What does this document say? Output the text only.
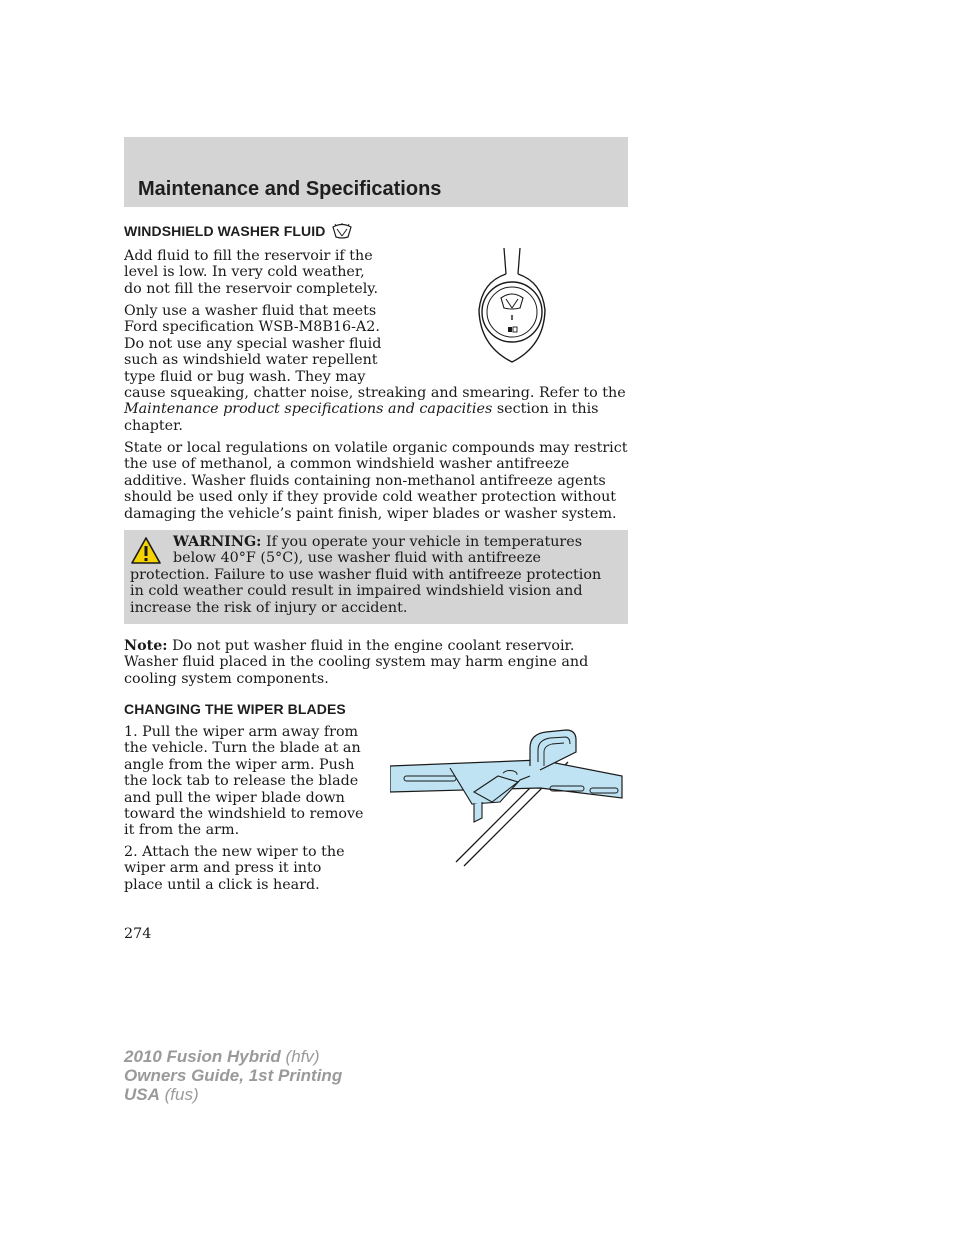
Maintenance and Specifications
WINDSHIELD WASHER FLUID

Add fluid to fill the reservoir if the level is low. In very cold weather, do not fill the reservoir completely.

Only use a washer fluid that meets
Ford specification WSB-M8B16-A2.
Do not use any special washer fluid
such as windshield water repellent
type fluid or bug wash. They may
cause squeaking, chatter noise, streaking and smearing. Refer to the
Maintenance product specifications and capacities section in this chapter.

State or local regulations on volatile organic compounds may restrict the use of methanol, a common windshield washer antifreeze additive. Washer fluids containing non-methanol antifreeze agents should be used only if they provide cold weather protection without damaging the vehicle’s paint finish, wiper blades or washer system.

WARNING: If you operate your vehicle in temperatures below 40°F (5°C), use washer fluid with antifreeze protection. Failure to use washer fluid with antifreeze protection in cold weather could result in impaired windshield vision and increase the risk of injury or accident.

Note: Do not put washer fluid in the engine coolant reservoir. Washer fluid placed in the cooling system may harm engine and cooling system components.

CHANGING THE WIPER BLADES

1. Pull the wiper arm away from the vehicle. Turn the blade at an angle from the wiper arm. Push the lock tab to release the blade and pull the wiper blade down toward the windshield to remove it from the arm.

2. Attach the new wiper to the wiper arm and press it into place until a click is heard.

274

2010 Fusion Hybrid (hfv)
Owners Guide, 1st Printing
USA (fus)
